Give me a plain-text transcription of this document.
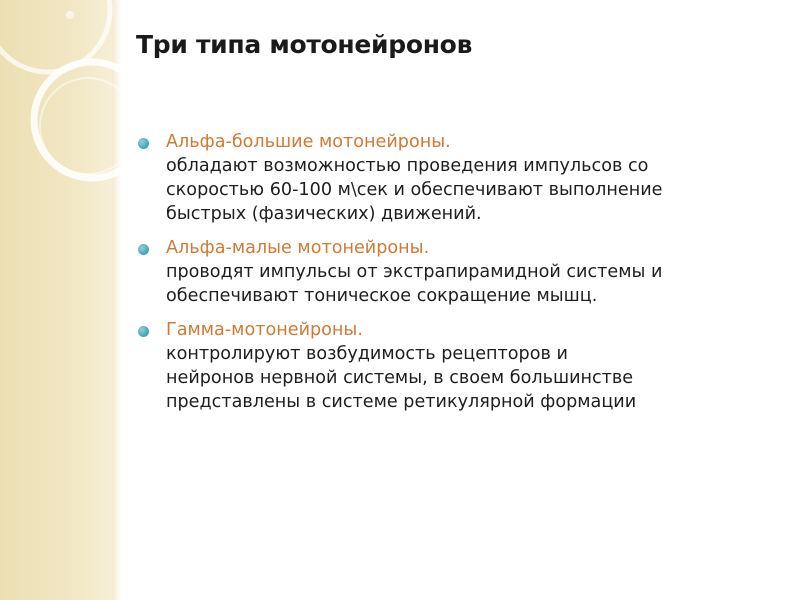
Три типа мотонейронов
Альфа-большие мотонейроны.
обладают возможностью проведения импульсов со
скоростью 60-100 м\сек и обеспечивают выполнение
быстрых (фазических) движений.
Альфа-малые мотонейроны.
проводят импульсы от экстрапирамидной системы и
обеспечивают тоническое сокращение мышц.
Гамма-мотонейроны.
контролируют возбудимость рецепторов и
нейронов нервной системы, в своем большинстве
представлены в системе ретикулярной формации
